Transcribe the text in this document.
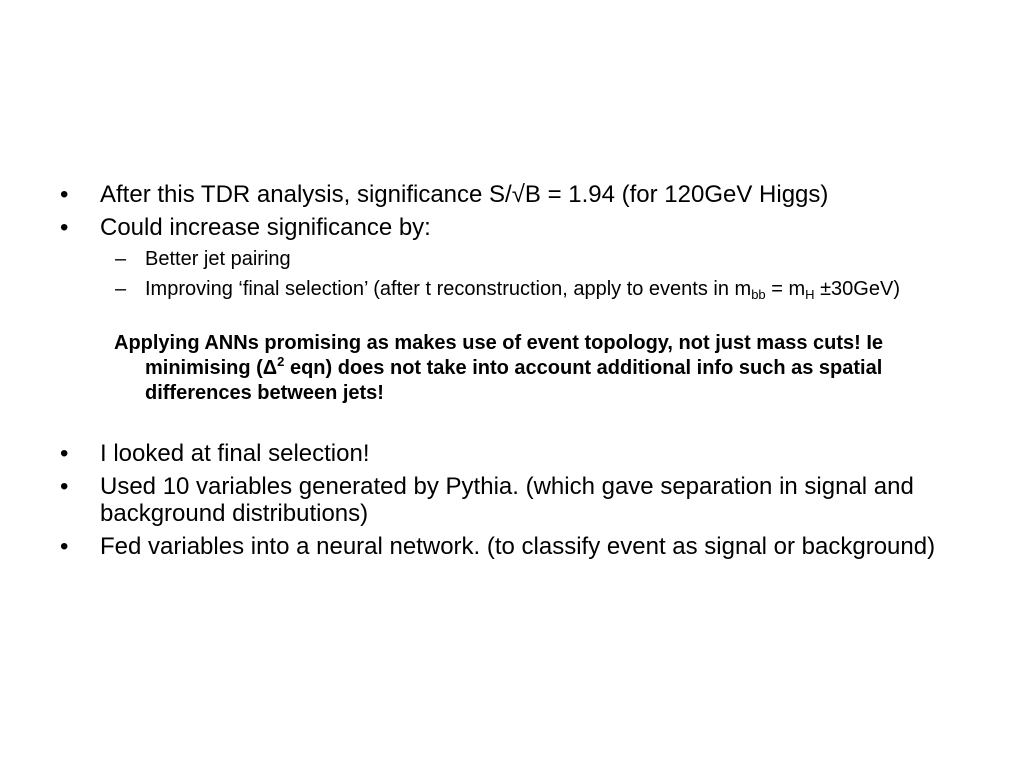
• After this TDR analysis, significance S/√B = 1.94 (for 120GeV Higgs)
• Could increase significance by:
– Better jet pairing
– Improving ‘final selection’ (after t reconstruction, apply to events in $m_{bb} = m_H \pm 30GeV$)
Applying ANNs promising as makes use of event topology, not just mass cuts! Ie minimising ($\Delta^2$ eqn) does not take into account additional info such as spatial differences between jets!
• I looked at final selection!
• Used 10 variables generated by Pythia. (which gave separation in signal and background distributions)
• Fed variables into a neural network. (to classify event as signal or background)
